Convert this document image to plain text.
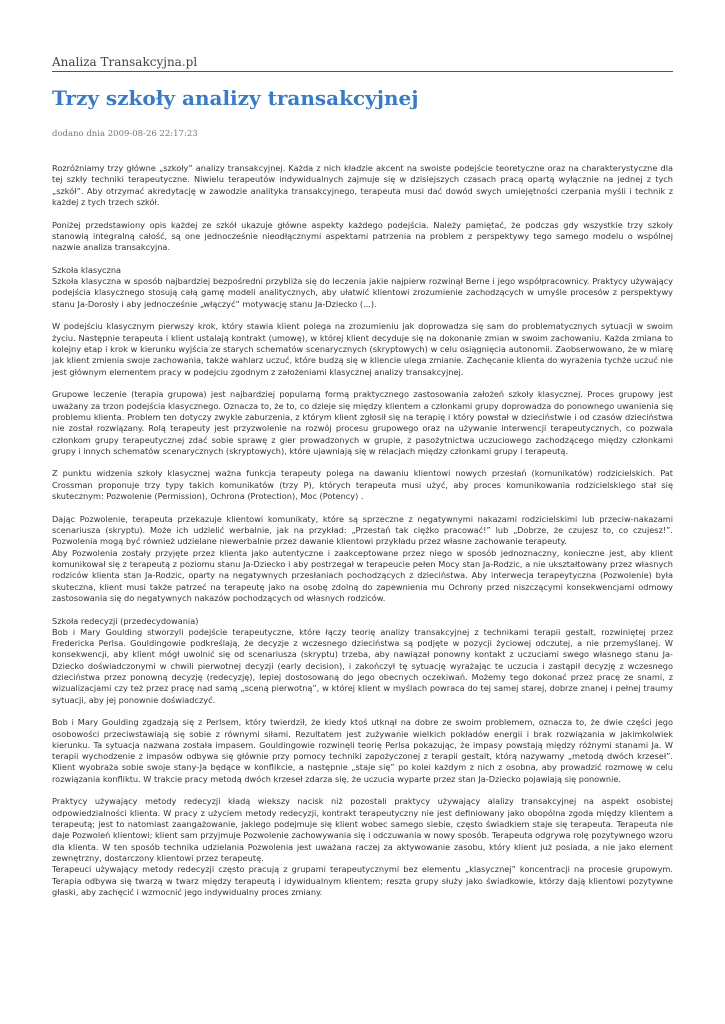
Analiza Transakcyjna.pl
Trzy szkoły analizy transakcyjnej
dodano dnia 2009-08-26 22:17:23

Rozróżniamy trzy główne „szkoły” analizy transakcyjnej. Każda z nich kładzie akcent na swoiste podejście teoretyczne oraz na charakterystyczne dla tej szkły techniki terapeutyczne. Niwielu terapeutów indywidualnych zajmuje się w dzisiejszych czasach pracą opartą wyłącznie na jednej z tych „szkół”. Aby otrzymać akredytację w zawodzie analityka transakcyjnego, terapeuta musi dać dowód swych umiejętności czerpania myśli i technik z każdej z tych trzech szkół.

Poniżej przedstawiony opis każdej ze szkół ukazuje główne aspekty każdego podejścia. Należy pamiętać, że podczas gdy wszystkie trzy szkoły stanowią integralną całość, są one jednocześnie nieodłącznymi aspektami patrzenia na problem z perspektywy tego samego modelu o wspólnej nazwie analiza transakcyjna.

Szkoła klasyczna

Szkoła klasyczna w sposób najbardziej bezpośredni przybliża się do leczenia jakie najpierw rozwinął Berne i jego współpracownicy. Praktycy używający podejścia klasycznego stosują całą gamę modeli analitycznych, aby ułatwić klientowi zrozumienie zachodzących w umyśle procesów z perspektywy stanu Ja-Dorosły i aby jednocześnie „włączyć” motywację stanu Ja-Dziecko (...).

W podejściu klasycznym pierwszy krok, który stawia klient polega na zrozumieniu jak doprowadza się sam do problematycznych sytuacji w swoim życiu. Następnie terapeuta i klient ustalają kontrakt (umowę), w której klient decyduje się na dokonanie zmian w swoim zachowaniu. Każda zmiana to kolejny etap i krok w kierunku wyjścia ze starych schematów scenarycznych (skryptowych) w celu osiągnięcia autonomii. Zaobserwowano, że w miarę jak klient zmienia swoje zachowania, także wahlarz uczuć, które budzą się w kliencie ulega zmianie. Zachęcanie klienta do wyrażenia tychże uczuć nie jest głównym elementem pracy w podejciu zgodnym z założeniami klasycznej analizy transakcyjnej.

Grupowe leczenie (terapia grupowa) jest najbardziej popularną formą praktycznego zastosowania założeń szkoły klasycznej. Proces grupowy jest uważany za trzon podejścia klasycznego. Oznacza to, że to, co dzieje się między klientem a członkami grupy doprowadza do ponownego uwanienia się problemu klienta. Problem ten dotyczy zwykle zaburzenia, z którym klient zgłosił się na terapię i który powstał w dzieciństwie i od czasów dzieciństwa nie został rozwiązany. Rolą terapeuty jest przyzwolenie na rozwój procesu grupowego oraz na używanie interwencji terapeutycznych, co pozwala członkom grupy terapeutycznej zdać sobie sprawę z gier prowadzonych w grupie, z pasożytnictwa uczuciowego zachodzącego między członkami grupy i innych schematów scenarycznych (skryptowych), które ujawniają się w relacjach między członkami grupy i terapeutą.

Z punktu widzenia szkoły klasycznej ważna funkcja terapeuty polega na dawaniu klientowi nowych przesłań (komunikatów) rodzicielskich. Pat Crossman proponuje trzy typy takich komunikatów (trzy P), których terapeuta musi użyć, aby proces komunikowania rodzicielskiego stał się skutecznym: Pozwolenie (Permission), Ochrona (Protection), Moc (Potency) .

Dając Pozwolenie, terapeuta przekazuje klientowi komunikaty, które są sprzeczne z negatywnymi nakazami rodzicielskimi lub przeciw-nakazami scenariusza (skryptu). Może ich udzielić werbalnie, jak na przykład: „Przestań tak ciężko pracować!” lub „Dobrze, że czujesz to, co czujesz!”. Pozwolenia mogą być również udzielane niewerbalnie przez dawanie klientowi przykładu przez własne zachowanie terapeuty.

Aby Pozwolenia zostały przyjęte przez klienta jako autentyczne i zaakceptowane przez niego w sposób jednoznaczny, konieczne jest, aby klient komunikował się z terapeutą z poziomu stanu Ja-Dziecko i aby postrzegał w terapeucie pełen Mocy stan Ja-Rodzic, a nie ukształtowany przez własnych rodziców klienta stan Ja-Rodzic, oparty na negatywnych przesłaniach pochodzących z dzieciństwa. Aby interwecja terapeytyczna (Pozwolenie) była skuteczna, klient musi także patrzeć na terapeutę jako na osobę zdolną do zapewnienia mu Ochrony przed niszczącymi konsekwencjami odmowy zastosowania się do negatywnych nakazów pochodzących od własnych rodziców.

Szkoła redecyzji (przedecydowania)

Bob i Mary Goulding stworzyli podejście terapeutyczne, które łączy teorię analizy transakcyjnej z technikami terapii gestalt, rozwiniętej przez Fredericka Perlsa. Gouldingowie podkreślają, że decyzje z wczesnego dzieciństwa są podjęte w pozycji życiowej odczutej, a nie przemyślanej. W konsekwencji, aby klient mógł uwolnić się od scenariusza (skryptu) trzeba, aby nawiązał ponowny kontakt z uczuciami swego własnego stanu Ja-Dziecko doświadczonymi w chwili pierwotnej decyzji (early decision), i zakończył tę sytuację wyrażając te uczucia i zastąpił decyzję z wczesnego dzieciństwa przez ponowną decyzję (redecyzję), lepiej dostosowaną do jego obecnych oczekiwań. Możemy tego dokonać przez pracę ze snami, z wizualizacjami czy też przez pracę nad samą „sceną pierwotną”, w której klient w myślach powraca do tej samej starej, dobrze znanej i pełnej traumy sytuacji, aby jej ponownie doświadczyć.

Bob i Mary Goulding zgadzają się z Perlsem, który twierdził, że kiedy ktoś utknął na dobre ze swoim problemem, oznacza to, że dwie części jego osobowości przeciwstawiają się sobie z równymi siłami. Rezultatem jest zużywanie wielkich pokładów energii i brak rozwiązania w jakimkolwiek kierunku. Ta sytuacja nazwana została impasem. Gouldingowie rozwinęli teorię Perlsa pokazując, że impasy powstają między różnymi stanami Ja. W terapii wychodzenie z impasów odbywa się głównie przy pomocy techniki zapożyczonej z terapii gestalt, którą nazywamy „metodą dwóch krzeseł”. Klient wyobraża sobie swoje stany-Ja będące w konflikcie, a następnie „staje się” po kolei każdym z nich z osobna, aby prowadzić rozmowę w celu rozwiązania konfliktu. W trakcie pracy metodą dwóch krzeseł zdarza się, że uczucia wyparte przez stan Ja-Dziecko pojawiają się ponownie.

Praktycy używający metody redecyzji kładą wiekszy nacisk niż pozostali praktycy używający alalizy transakcyjnej na aspekt osobistej odpowiedzialności klienta. W pracy z użyciem metody redecyzji, kontrakt terapeutyczny nie jest definiowany jako obopólna zgoda między klientem a terapeutą; jest to natomiast zaangażowanie, jakiego podejmuje się klient wobec samego siebie, często świadkiem staje się terapeuta. Terapeuta nie daje Pozwoleń klientowi; klient sam przyjmuje Pozwolenie zachowywania się i odczuwania w nowy sposób. Terapeuta odgrywa rolę pozytywnego wzoru dla klienta. W ten sposób technika udzielania Pozwolenia jest uważana raczej za aktywowanie zasobu, który klient już posiada, a nie jako element zewnętrzny, dostarczony klientowi przez terapeutę.

Terapeuci używający metody redecyzji często pracują z grupami terapeutycznymi bez elementu „klasycznej” koncentracji na procesie grupowym. Terapia odbywa się twarzą w twarz między terapeutą i idywidualnym klientem; reszta grupy służy jako świadkowie, którzy dają klientowi pozytywne głaski, aby zachęcić i wzmocnić jego indywidualny proces zmiany.
